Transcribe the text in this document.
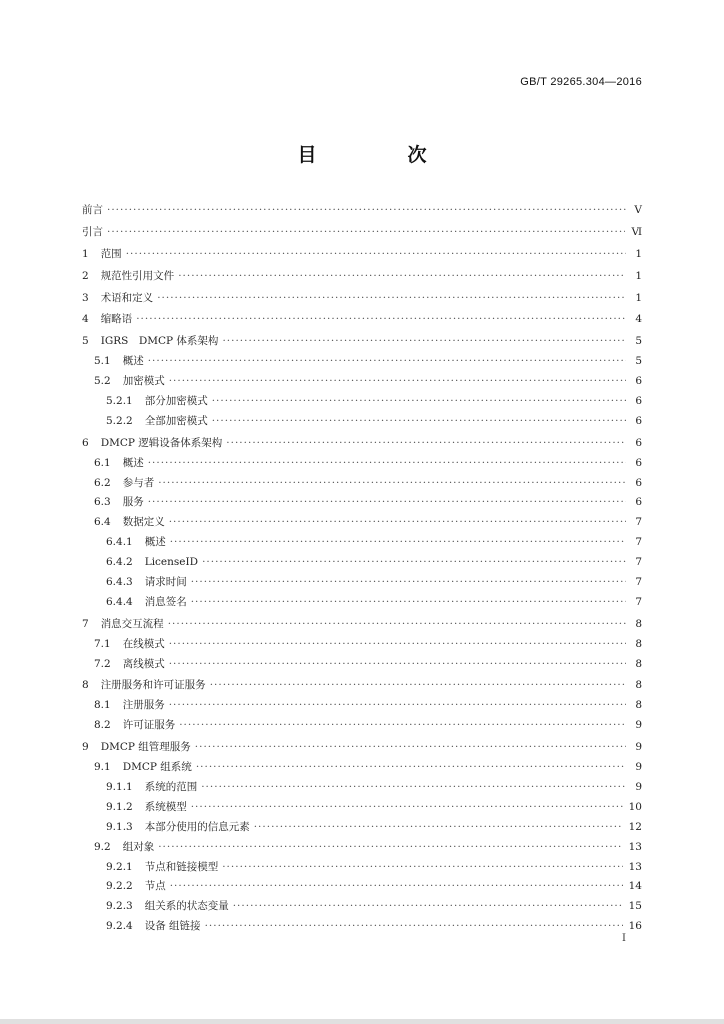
GB/T 29265.304—2016
目　次
前言 ·····	V
引言 ·····	Ⅵ
1 范围 ·····	1
2 规范性引用文件 ·····	1
3 术语和定义 ·····	1
4 缩略语 ·····	4
5 IGRS　DMCP 体系架构 ·····	5
5.1 概述 ·····	5
5.2 加密模式 ·····	6
5.2.1 部分加密模式 ·····	6
5.2.2 全部加密模式 ·····	6
6 DMCP 逻辑设备体系架构 ·····	6
6.1 概述 ·····	6
6.2 参与者 ·····	6
6.3 服务 ·····	6
6.4 数据定义 ·····	7
6.4.1 概述 ·····	7
6.4.2 LicenseID ·····	7
6.4.3 请求时间 ·····	7
6.4.4 消息签名 ·····	7
7 消息交互流程 ·····	8
7.1 在线模式 ·····	8
7.2 离线模式 ·····	8
8 注册服务和许可证服务 ·····	8
8.1 注册服务 ·····	8
8.2 许可证服务 ·····	9
9 DMCP 组管理服务 ·····	9
9.1 DMCP 组系统 ·····	9
9.1.1 系统的范围 ·····	9
9.1.2 系统模型 ·····	10
9.1.3 本部分使用的信息元素 ·····	12
9.2 组对象 ·····	13
9.2.1 节点和链接模型 ·····	13
9.2.2 节点 ·····	14
9.2.3 组关系的状态变量 ·····	15
9.2.4 设备 组链接 ·····	16
Ⅰ
